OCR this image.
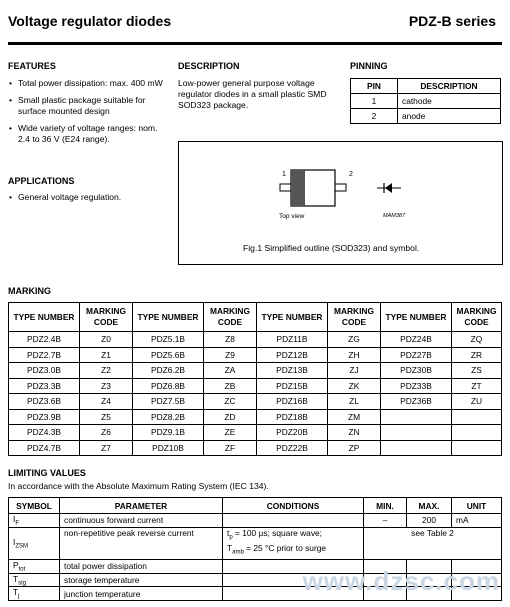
Voltage regulator diodes	PDZ-B series
FEATURES
• Total power dissipation: max. 400 mW
• Small plastic package suitable for surface mounted design
• Wide variety of voltage ranges: nom. 2.4 to 36 V (E24 range).
APPLICATIONS
• General voltage regulation.
DESCRIPTION
Low-power general purpose voltage regulator diodes in a small plastic SMD SOD323 package.
PINNING
PIN	DESCRIPTION
1	cathode
2	anode
1	2
Top view	MAM387
Fig.1 Simplified outline (SOD323) and symbol.
MARKING
TYPE NUMBER	MARKING CODE	TYPE NUMBER	MARKING CODE	TYPE NUMBER	MARKING CODE	TYPE NUMBER	MARKING CODE
PDZ2.4B	Z0	PDZ5.1B	Z8	PDZ11B	ZG	PDZ24B	ZQ
PDZ2.7B	Z1	PDZ5.6B	Z9	PDZ12B	ZH	PDZ27B	ZR
PDZ3.0B	Z2	PDZ6.2B	ZA	PDZ13B	ZJ	PDZ30B	ZS
PDZ3.3B	Z3	PDZ6.8B	ZB	PDZ15B	ZK	PDZ33B	ZT
PDZ3.6B	Z4	PDZ7.5B	ZC	PDZ16B	ZL	PDZ36B	ZU
PDZ3.9B	Z5	PDZ8.2B	ZD	PDZ18B	ZM		
PDZ4.3B	Z6	PDZ9.1B	ZE	PDZ20B	ZN		
PDZ4.7B	Z7	PDZ10B	ZF	PDZ22B	ZP		
LIMITING VALUES
In accordance with the Absolute Maximum Rating System (IEC 134).
SYMBOL	PARAMETER	CONDITIONS	MIN.	MAX.	UNIT
$I_F$	continuous forward current		–	200	mA
$I_{ZSM}$	non-repetitive peak reverse current	$t_p = 100$ µs; square wave;
$T_{amb} = 25$ °C prior to surge	see Table 2		
$P_{tot}$	total power dissipation				
$T_{stg}$	storage temperature				
$T_j$	junction temperature					www.dzsc.com
